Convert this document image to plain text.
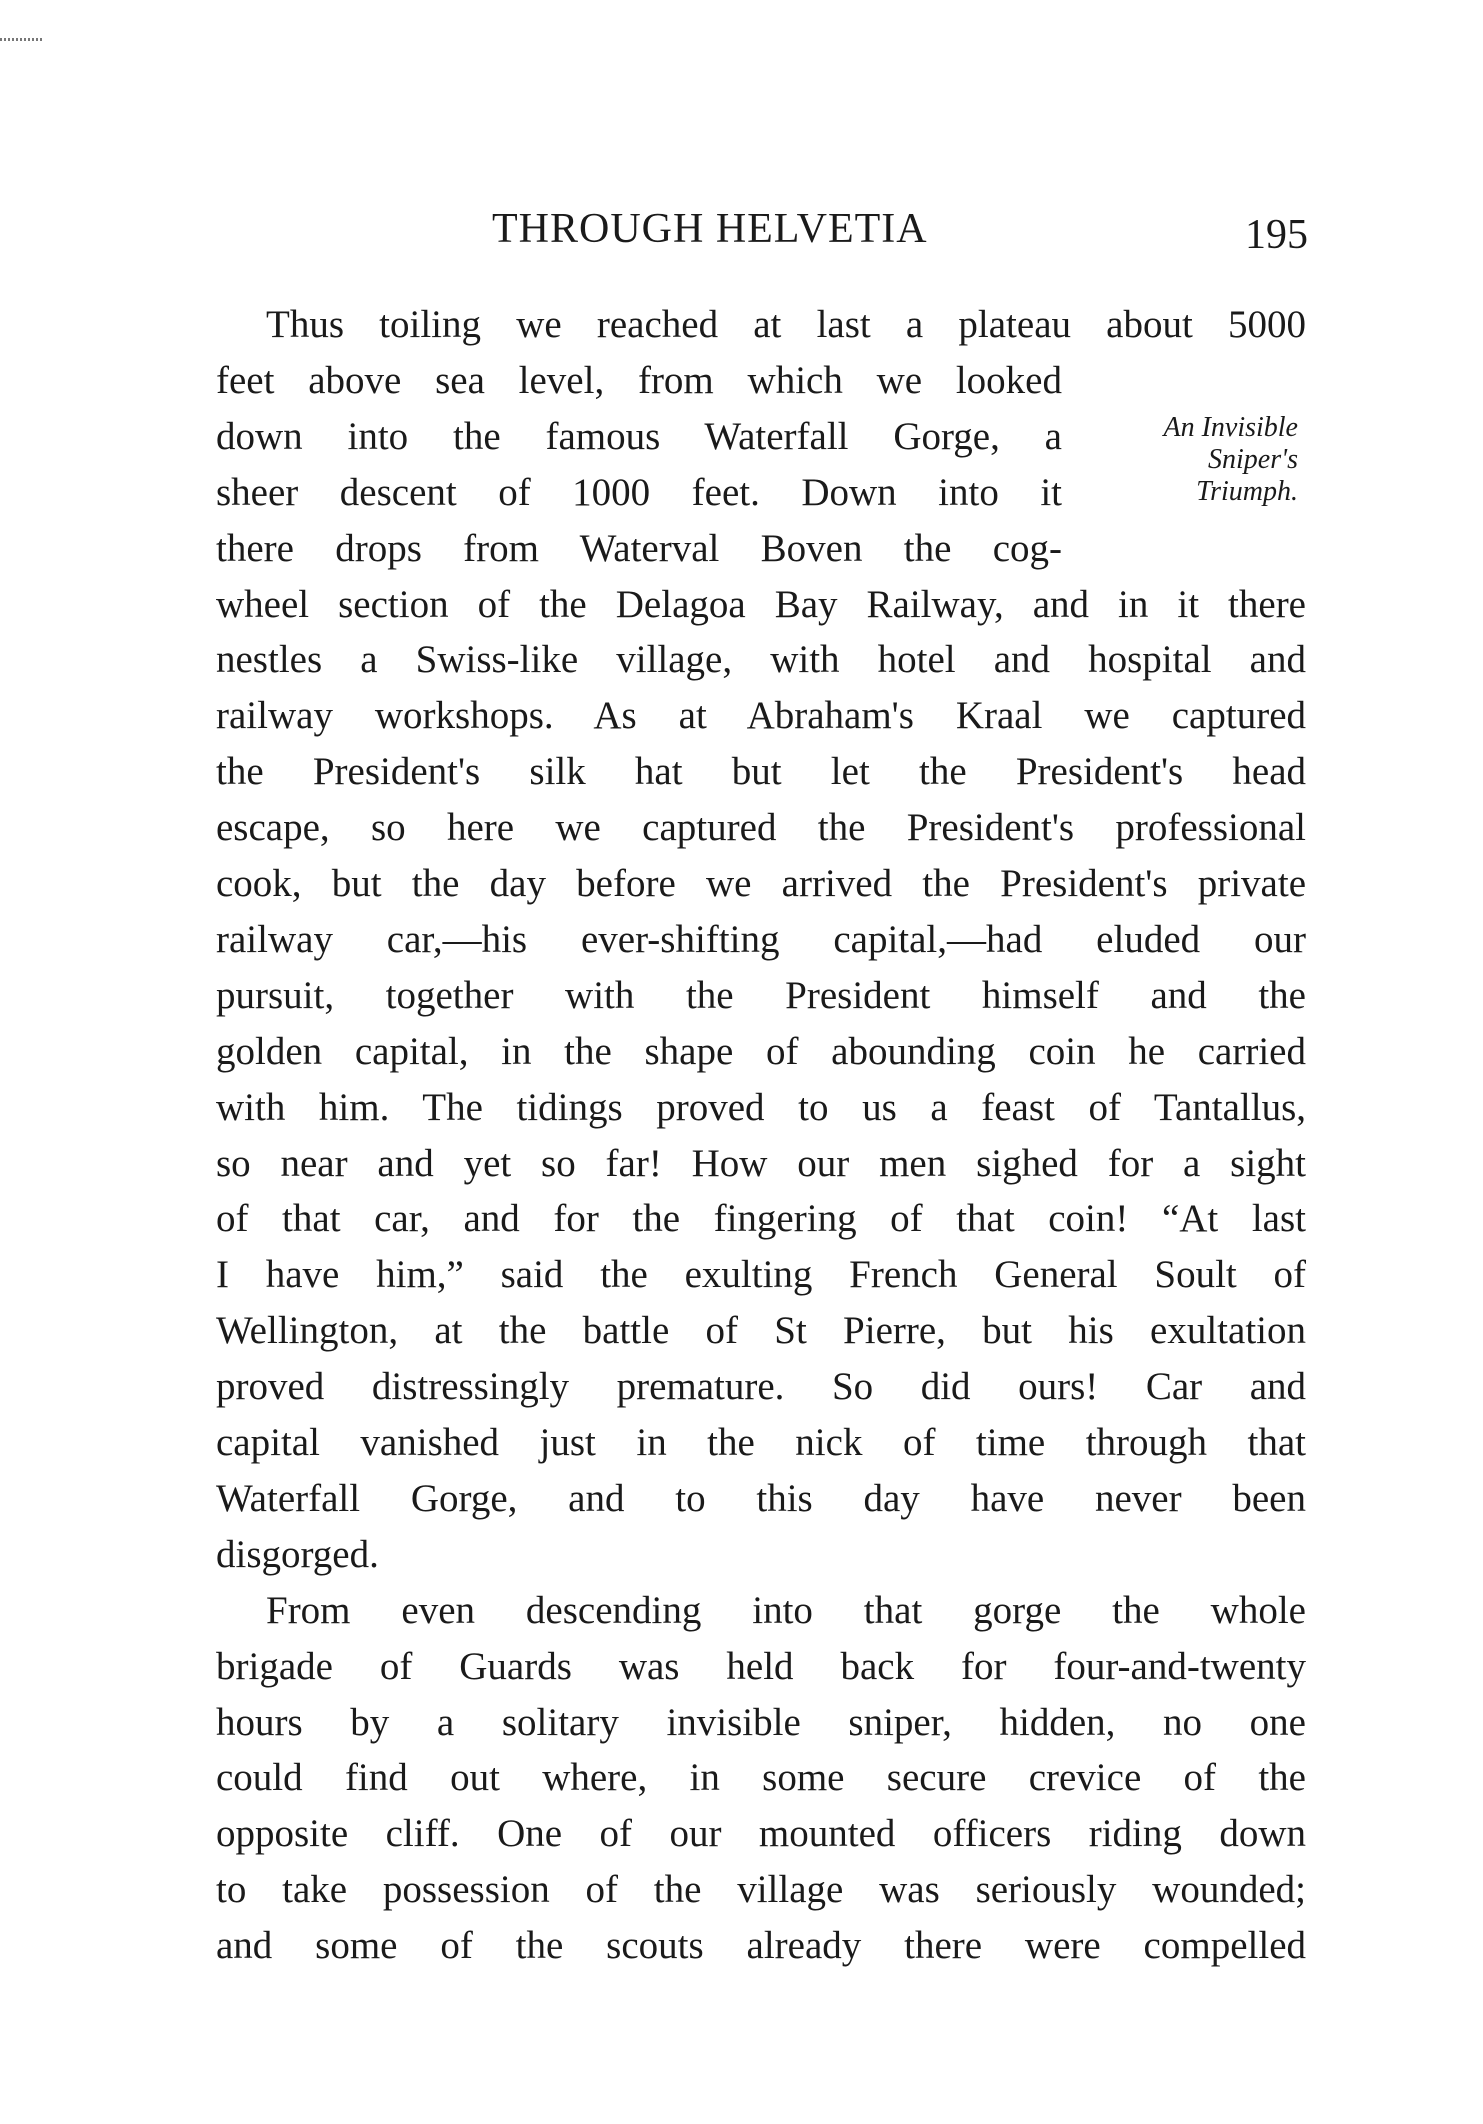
THROUGH HELVETIA	195
An Invisible
Sniper's
Triumph.
Thus toiling we reached at last a plateau about 5000
feet above sea level, from which we looked
down into the famous Waterfall Gorge, a
sheer descent of 1000 feet. Down into it
there drops from Waterval Boven the cog-
wheel section of the Delagoa Bay Railway, and in it there
nestles a Swiss-like village, with hotel and hospital and
railway workshops. As at Abraham's Kraal we captured
the President's silk hat but let the President's head
escape, so here we captured the President's professional
cook, but the day before we arrived the President's private
railway car,—his ever-shifting capital,—had eluded our
pursuit, together with the President himself and the
golden capital, in the shape of abounding coin he carried
with him. The tidings proved to us a feast of Tantallus,
so near and yet so far! How our men sighed for a sight
of that car, and for the fingering of that coin! “At last
I have him,” said the exulting French General Soult of
Wellington, at the battle of St Pierre, but his exultation
proved distressingly premature. So did ours! Car and
capital vanished just in the nick of time through that
Waterfall Gorge, and to this day have never been
disgorged.
From even descending into that gorge the whole
brigade of Guards was held back for four-and-twenty
hours by a solitary invisible sniper, hidden, no one
could find out where, in some secure crevice of the
opposite cliff. One of our mounted officers riding down
to take possession of the village was seriously wounded;
and some of the scouts already there were compelled
